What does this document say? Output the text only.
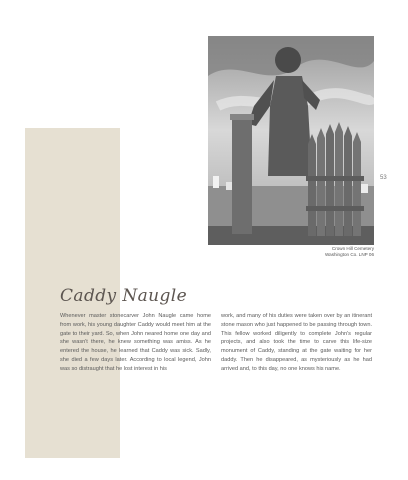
Crown Hill Cemetery
Washington Co. LNP 06
53
Caddy Naugle
Whenever master stonecarver John Naugle came home from work, his young daughter Caddy would meet him at the gate to their yard. So, when John neared home one day and she wasn't there, he knew something was amiss. As he entered the house, he learned that Caddy was sick. Sadly, she died a few days later. According to local legend, John was so distraught that he lost interest in his
work, and many of his duties were taken over by an itinerant stone mason who just happened to be passing through town. This fellow worked diligently to complete John's regular projects, and also took the time to carve this life-size monument of Caddy, standing at the gate waiting for her daddy. Then he disappeared, as mysteriously as he had arrived and, to this day, no one knows his name.
